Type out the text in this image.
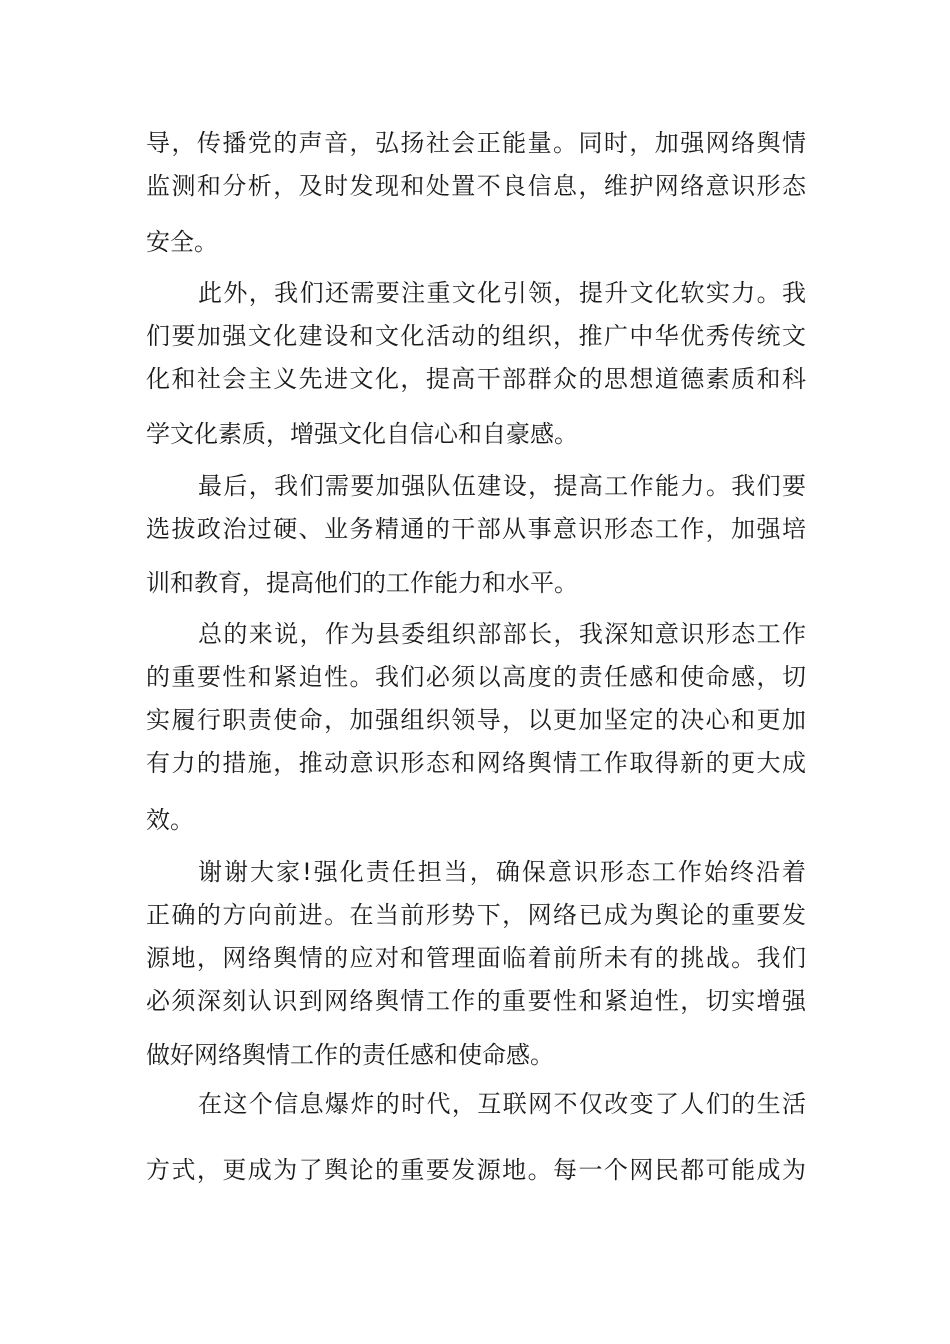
导，传播党的声音，弘扬社会正能量。同时，加强网络舆情
监测和分析，及时发现和处置不良信息，维护网络意识形态
安全。
此外，我们还需要注重文化引领，提升文化软实力。我
们要加强文化建设和文化活动的组织，推广中华优秀传统文
化和社会主义先进文化，提高干部群众的思想道德素质和科
学文化素质，增强文化自信心和自豪感。
最后，我们需要加强队伍建设，提高工作能力。我们要
选拔政治过硬、业务精通的干部从事意识形态工作，加强培
训和教育，提高他们的工作能力和水平。
总的来说，作为县委组织部部长，我深知意识形态工作
的重要性和紧迫性。我们必须以高度的责任感和使命感，切
实履行职责使命，加强组织领导，以更加坚定的决心和更加
有力的措施，推动意识形态和网络舆情工作取得新的更大成
效。
谢谢大家!强化责任担当，确保意识形态工作始终沿着
正确的方向前进。在当前形势下，网络已成为舆论的重要发
源地，网络舆情的应对和管理面临着前所未有的挑战。我们
必须深刻认识到网络舆情工作的重要性和紧迫性，切实增强
做好网络舆情工作的责任感和使命感。
在这个信息爆炸的时代，互联网不仅改变了人们的生活
方式，更成为了舆论的重要发源地。每一个网民都可能成为
